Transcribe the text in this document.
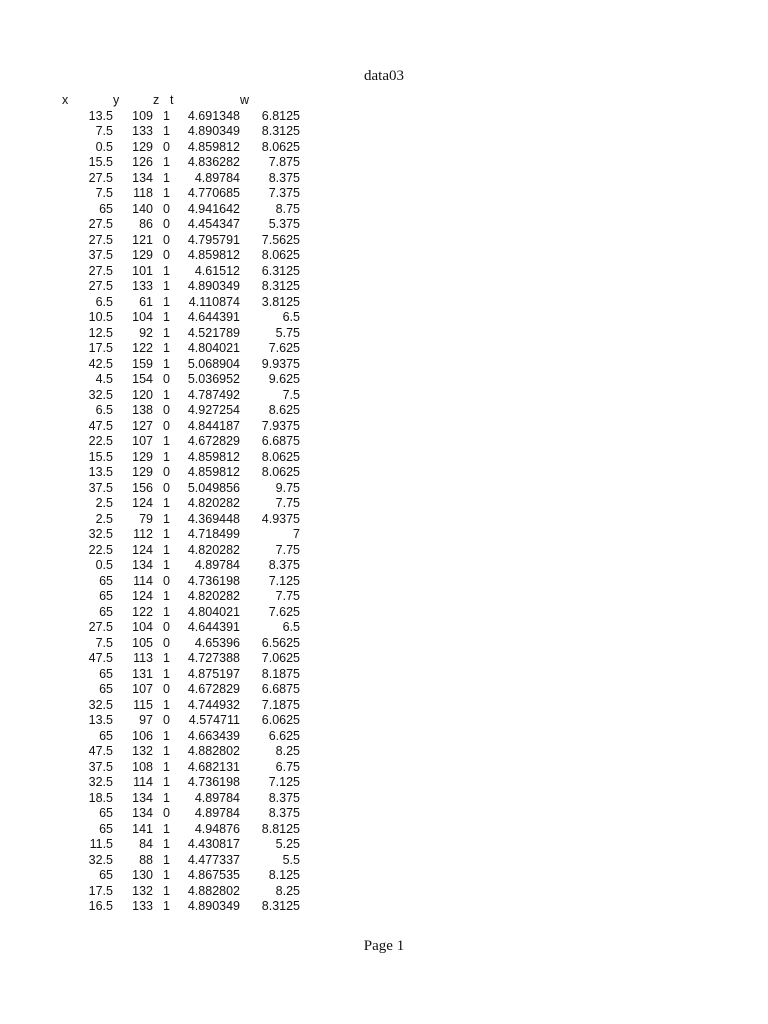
data03
x	y	z	t	w
13.5	109	1	4.691348	6.8125
7.5	133	1	4.890349	8.3125
0.5	129	0	4.859812	8.0625
15.5	126	1	4.836282	7.875
27.5	134	1	4.89784	8.375
7.5	118	1	4.770685	7.375
65	140	0	4.941642	8.75
27.5	86	0	4.454347	5.375
27.5	121	0	4.795791	7.5625
37.5	129	0	4.859812	8.0625
27.5	101	1	4.61512	6.3125
27.5	133	1	4.890349	8.3125
6.5	61	1	4.110874	3.8125
10.5	104	1	4.644391	6.5
12.5	92	1	4.521789	5.75
17.5	122	1	4.804021	7.625
42.5	159	1	5.068904	9.9375
4.5	154	0	5.036952	9.625
32.5	120	1	4.787492	7.5
6.5	138	0	4.927254	8.625
47.5	127	0	4.844187	7.9375
22.5	107	1	4.672829	6.6875
15.5	129	1	4.859812	8.0625
13.5	129	0	4.859812	8.0625
37.5	156	0	5.049856	9.75
2.5	124	1	4.820282	7.75
2.5	79	1	4.369448	4.9375
32.5	112	1	4.718499	7
22.5	124	1	4.820282	7.75
0.5	134	1	4.89784	8.375
65	114	0	4.736198	7.125
65	124	1	4.820282	7.75
65	122	1	4.804021	7.625
27.5	104	0	4.644391	6.5
7.5	105	0	4.65396	6.5625
47.5	113	1	4.727388	7.0625
65	131	1	4.875197	8.1875
65	107	0	4.672829	6.6875
32.5	115	1	4.744932	7.1875
13.5	97	0	4.574711	6.0625
65	106	1	4.663439	6.625
47.5	132	1	4.882802	8.25
37.5	108	1	4.682131	6.75
32.5	114	1	4.736198	7.125
18.5	134	1	4.89784	8.375
65	134	0	4.89784	8.375
65	141	1	4.94876	8.8125
11.5	84	1	4.430817	5.25
32.5	88	1	4.477337	5.5
65	130	1	4.867535	8.125
17.5	132	1	4.882802	8.25
16.5	133	1	4.890349	8.3125
Page 1
